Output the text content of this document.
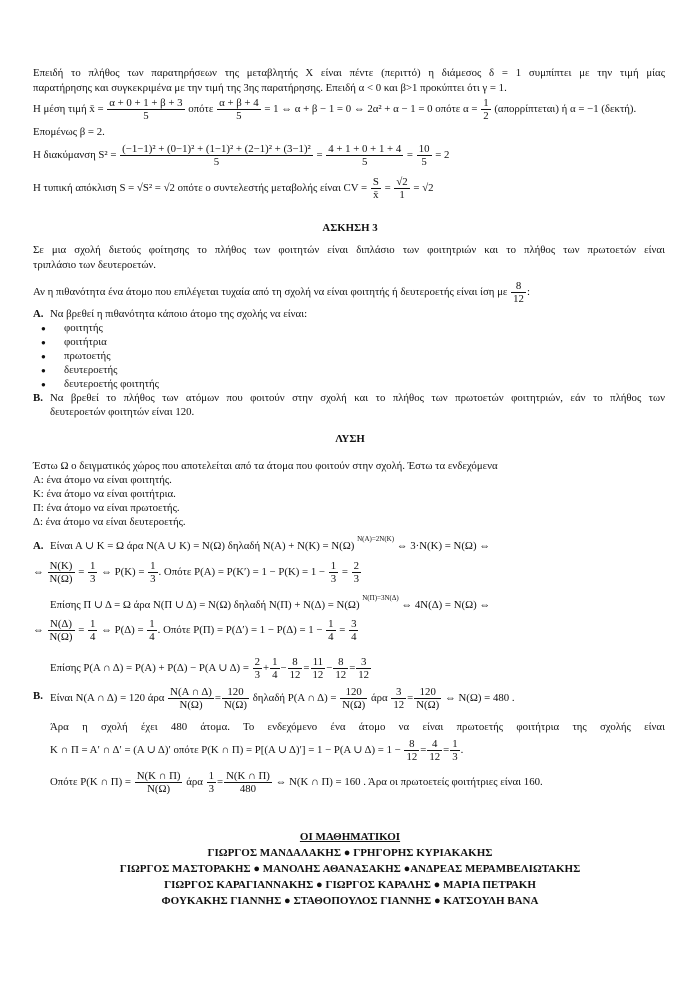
Επειδή το πλήθος των παρατηρήσεων της μεταβλητής Χ είναι πέντε (περιττό) η διάμεσος δ = 1 συμπίπτει με την τιμή μίας
παρατήρησης και συγκεκριμένα με την τιμή της 3ης παρατήρησης. Επειδή α < 0 και β>1 προκύπτει ότι γ = 1.
Η μέση τιμή x̄ = $\frac{\alpha + 0 + 1 + \beta + 3}{5}$ οπότε $\frac{\alpha + \beta + 4}{5} = 1$ ⇔ α + β − 1 = 0 ⇔ 2α² + α − 1 = 0 οπότε $\alpha = \frac{1}{2} (\alpha\pi o\rho\rho ί\pi\tau\varepsilon\tau\alpha\iota)$ ή α = −1 (δεκτή).
Επομένως β = 2.
Η διακύμανση $S^2 = \frac{\text{(−1−1)² + (0−1)² + (1−1)² + (2−1)² + (3−1)²}}{5} = \frac{4 + 1 + 0 + 1 + 4}{5} = \frac{10}{5} = 2$
Η τυπική απόκλιση S = √S² = √2 οπότε ο συντελεστής μεταβολής είναι CV = $\frac{S}{x̄} = \frac{√2}{1} = √2$
ΑΣΚΗΣΗ 3
Σε μια σχολή διετούς φοίτησης το πλήθος των φοιτητών είναι διπλάσιο των φοιτητριών και το πλήθος των πρωτοετών είναι
τριπλάσιο των δευτεροετών.
Αν η πιθανότητα ένα άτομο που επιλέγεται τυχαία από τη σχολή να είναι φοιτητής ή δευτεροετής είναι ίση με $\frac{8}{12}$ :
Α. Να βρεθεί η πιθανότητα κάποιο άτομο της σχολής να είναι:
● φοιτητής
● φοιτήτρια
● πρωτοετής
● δευτεροετής
● δευτεροετής φοιτητής
Β. Να βρεθεί το πλήθος των ατόμων που φοιτούν στην σχολή και το πλήθος των πρωτοετών φοιτητριών, εάν το πλήθος των
δευτεροετών φοιτητών είναι 120.
ΛΥΣΗ
Έστω Ω ο δειγματικός χώρος που αποτελείται από τα άτομα που φοιτούν στην σχολή. Έστω τα ενδεχόμενα
Α: ένα άτομο να είναι φοιτητής.
Κ: ένα άτομο να είναι φοιτήτρια.
Π: ένα άτομο να είναι πρωτοετής.
Δ: ένα άτομο να είναι δευτεροετής.
Α. Είναι Α ∪ Κ = Ω άρα Ν(Α ∪ Κ) = Ν(Ω) δηλαδή Ν(Α) + Ν(Κ) = Ν(Ω) $^{N(A)=2N(K)}$ ⇔ 3·Ν(Κ) = Ν(Ω) ⇔
⇔ $\frac{N(K)}{N(\Omega)} = \frac{1}{3}$ ⇔ $P(K) = \frac{1}{3}$ . Οπότε $P(A) = P(K') = 1 - P(K) = 1 - \frac{1}{3} = \frac{2}{3}$
Επίσης Π ∪ Δ = Ω άρα Ν(Π ∪ Δ) = Ν(Ω) δηλαδή Ν(Π) + Ν(Δ) = Ν(Ω) $^{N(\Pi)=3N(\Delta)}$ ⇔ 4Ν(Δ) = Ν(Ω) ⇔
⇔ $\frac{N(\Delta)}{N(\Omega)} = \frac{1}{4}$ ⇔ $P(\Delta) = \frac{1}{4}$ . Οπότε $P(\Pi) = P(\Delta') = 1 - P(\Delta) = 1 - \frac{1}{4} = \frac{3}{4}$
Επίσης Ρ(Α ∩ Δ) = Ρ(Α) + Ρ(Δ) − Ρ(Α ∪ $\Delta) = \frac{2}{3} + \frac{1}{4} - \frac{8}{12} = \frac{11}{12} - \frac{8}{12} = \frac{3}{12}$
Β. Είναι Ν(Α ∩ Δ) = 120 άρα $\frac{N(A \cap \Delta)}{N(\Omega)} = \frac{120}{N(\Omega)}$ δηλαδή Ρ(Α ∩ $\Delta) = \frac{120}{N(\Omega)}$ άρα $\frac{3}{12} = \frac{120}{N(\Omega)}$ ⇔ Ν(Ω) = 480 .
Άρα η σχολή έχει 480 άτομα. Το ενδεχόμενο ένα άτομο να είναι πρωτοετής φοιτήτρια της σχολής είναι
Κ ∩ Π = Α′ ∩ Δ′ = (Α ∪ Δ)′ οπότε Ρ(Κ ∩ Π) = Ρ[(Α ∪ Δ)′] = 1 − Ρ(Α ∪ $\Delta) = 1 - \frac{8}{12} = \frac{4}{12} = \frac{1}{3}$ .
Οπότε Ρ(Κ ∩ $\Pi) = \frac{N(K \cap \Pi)}{N(\Omega)}$ άρα $\frac{1}{3} = \frac{N(K \cap \Pi)}{480}$ ⇔ Ν(Κ ∩ Π) = 160 . Άρα οι πρωτοετείς φοιτήτριες είναι 160.
ΟΙ ΜΑΘΗΜΑΤΙΚΟΙ
ΓΙΩΡΓΟΣ ΜΑΝΔΑΛΑΚΗΣ ● ΓΡΗΓΟΡΗΣ ΚΥΡΙΑΚΑΚΗΣ
ΓΙΩΡΓΟΣ ΜΑΣΤΟΡΑΚΗΣ ● ΜΑΝΟΛΗΣ ΑΘΑΝΑΣΑΚΗΣ ●ΑΝΔΡΕΑΣ ΜΕΡΑΜΒΕΛΙΩΤΑΚΗΣ
ΓΙΩΡΓΟΣ ΚΑΡΑΓΙΑΝΝΑΚΗΣ ● ΓΙΩΡΓΟΣ ΚΑΡΑΛΗΣ ● ΜΑΡΙΑ ΠΕΤΡΑΚΗ
ΦΟΥΚΑΚΗΣ ΓΙΑΝΝΗΣ ● ΣΤΑΘΟΠΟΥΛΟΣ ΓΙΑΝΝΗΣ ● ΚΑΤΣΟΥΛΗ ΒΑΝΑ
